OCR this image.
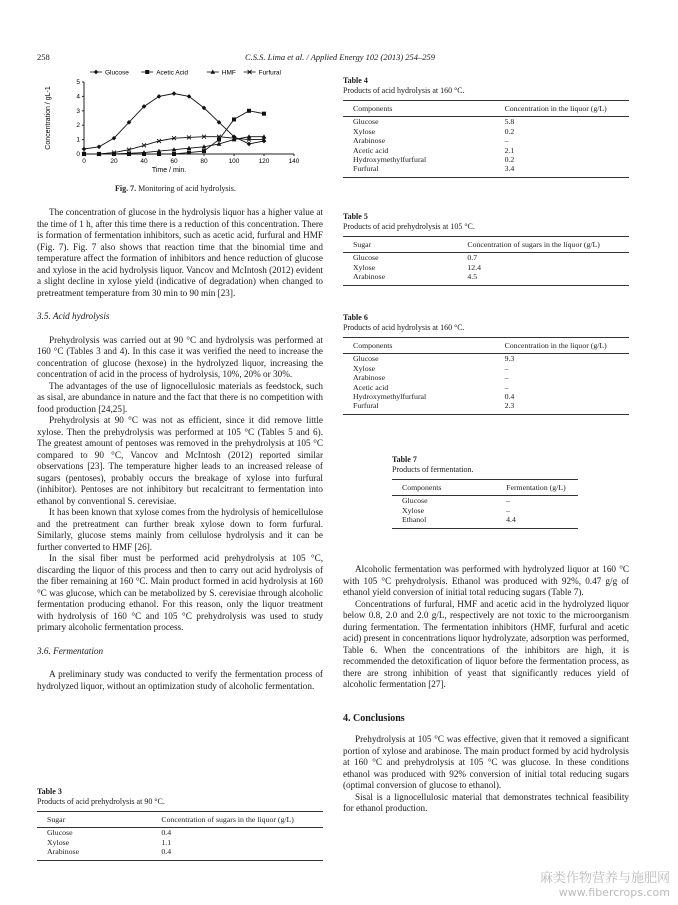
258	C.S.S. Lima et al. / Applied Energy 102 (2013) 254–259
0	20	40	60	80	100	120	140
0
1
2
3
4
5
Time / min.
Concentration / gL-1
Glucose	Acetic Acid	HMF	Furfural
Fig. 7. Monitoring of acid hydrolysis.

The concentration of glucose in the hydrolysis liquor has a higher value at the time of 1 h, after this time there is a reduction of this concentration. There is formation of fermentation inhibitors, such as acetic acid, furfural and HMF (Fig. 7). Fig. 7 also shows that reaction time that the binomial time and temperature affect the formation of inhibitors and hence reduction of glucose and xylose in the acid hydrolysis liquor. Vancov and McIntosh (2012) evident a slight decline in xylose yield (indicative of degradation) when changed to pretreatment temperature from 30 min to 90 min [23].

3.5. Acid hydrolysis

Prehydrolysis was carried out at 90 °C and hydrolysis was performed at 160 °C (Tables 3 and 4). In this case it was verified the need to increase the concentration of glucose (hexose) in the hydrolyzed liquor, increasing the concentration of acid in the process of hydrolysis, 10%, 20% or 30%.

The advantages of the use of lignocellulosic materials as feedstock, such as sisal, are abundance in nature and the fact that there is no competition with food production [24,25].

Prehydrolysis at 90 °C was not as efficient, since it did remove little xylose. Then the prehydrolysis was performed at 105 °C (Tables 5 and 6). The greatest amount of pentoses was removed in the prehydrolysis at 105 °C compared to 90 °C, Vancov and McIntosh (2012) reported similar observations [23]. The temperature higher leads to an increased release of sugars (pentoses), probably occurs the breakage of xylose into furfural (inhibitor). Pentoses are not inhibitory but recalcitrant to fermentation into ethanol by conventional S. cerevisiae.

It has been known that xylose comes from the hydrolysis of hemicellulose and the pretreatment can further break xylose down to form furfural. Similarly, glucose stems mainly from cellulose hydrolysis and it can be further converted to HMF [26].

In the sisal fiber must be performed acid prehydrolysis at 105 °C, discarding the liquor of this process and then to carry out acid hydrolysis of the fiber remaining at 160 °C. Main product formed in acid hydrolysis at 160 °C was glucose, which can be metabolized by S. cerevisiae through alcoholic fermentation producing ethanol. For this reason, only the liquor treatment with hydrolysis of 160 °C and 105 °C prehydrolysis was used to study primary alcoholic fermentation process.

3.6. Fermentation

A preliminary study was conducted to verify the fermentation process of hydrolyzed liquor, without an optimization study of alcoholic fermentation.

Table 3
Products of acid prehydrolysis at 90 °C.
Sugar	Concentration of sugars in the liquor (g/L)
Glucose	0.4
Xylose	1.1
Arabinose	0.4
Table 4
Products of acid hydrolysis at 160 °C.
Components	Concentration in the liquor (g/L)
Glucose	5.8
Xylose	0.2
Arabinose	–
Acetic acid	2.1
Hydroxymethylfurfural	0.2
Furfural	3.4
Table 5
Products of acid prehydrolysis at 105 °C.
Sugar	Concentration of sugars in the liquor (g/L)
Glucose	0.7
Xylose	12.4
Arabinose	4.5
Table 6
Products of acid hydrolysis at 160 °C.
Components	Concentration in the liquor (g/L)
Glucose	9.3
Xylose	–
Arabinose	–
Acetic acid	–
Hydroxymethylfurfural	0.4
Furfural	2.3
Table 7
Products of fermentation.
Components	Fermentation (g/L)
Glucose	–
Xylose	–
Ethanol	4.4

Alcoholic fermentation was performed with hydrolyzed liquor at 160 °C with 105 °C prehydrolysis. Ethanol was produced with 92%, 0.47 g/g of ethanol yield conversion of initial total reducing sugars (Table 7).

Concentrations of furfural, HMF and acetic acid in the hydrolyzed liquor below 0.8, 2.0 and 2.0 g/L, respectively are not toxic to the microorganism during fermentation. The fermentation inhibitors (HMF, furfural and acetic acid) present in concentrations liquor hydrolyzate, adsorption was performed, Table 6. When the concentrations of the inhibitors are high, it is recommended the detoxification of liquor before the fermentation process, as there are strong inhibition of yeast that significantly reduces yield of alcoholic fermentation [27].

4. Conclusions

Prehydrolysis at 105 °C was effective, given that it removed a significant portion of xylose and arabinose. The main product formed by acid hydrolysis at 160 °C and prehydrolysis at 105 °C was glucose. In these conditions ethanol was produced with 92% conversion of initial total reducing sugars (optimal conversion of glucose to ethanol).

Sisal is a lignocellulosic material that demonstrates technical feasibility for ethanol production.

麻类作物营养与施肥网
www.fibercrops.com
